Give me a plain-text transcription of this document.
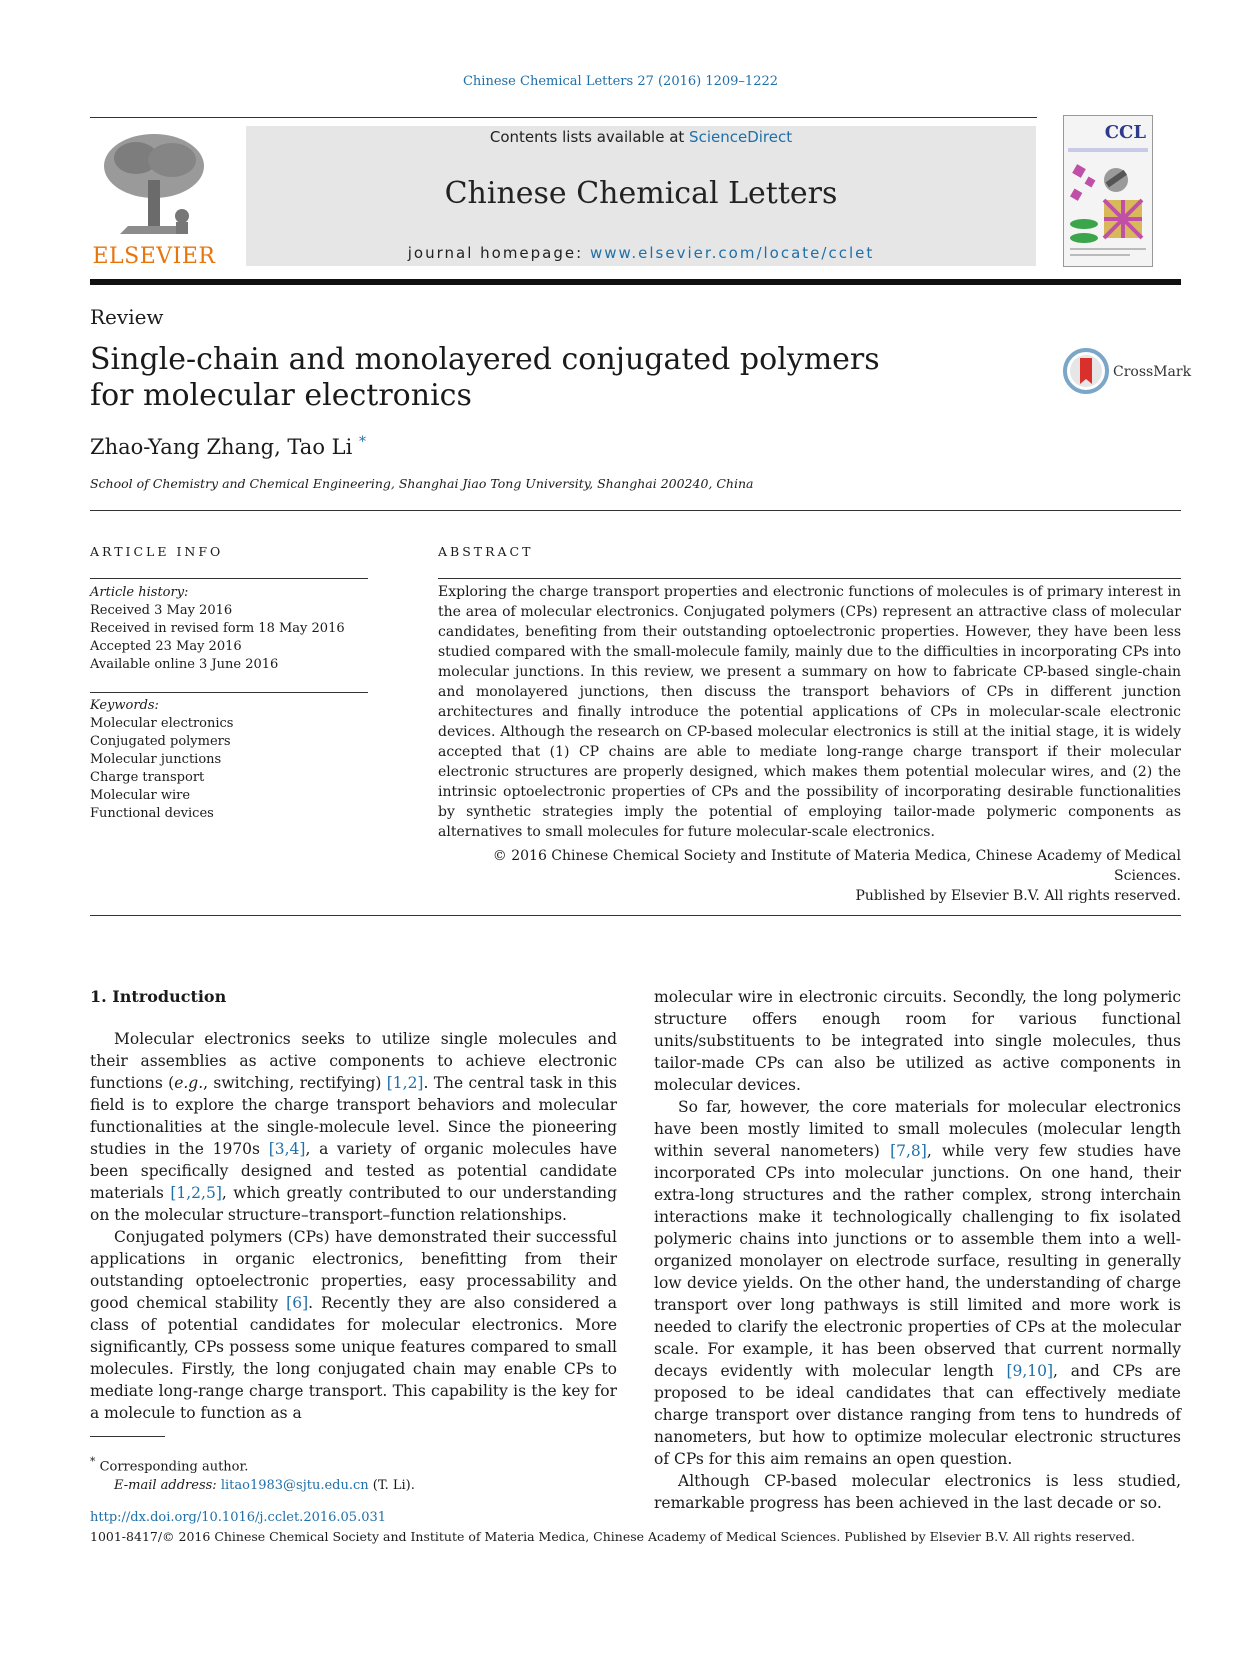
Chinese Chemical Letters 27 (2016) 1209–1222
ELSEVIER
Contents lists available at ScienceDirect
Chinese Chemical Letters
journal homepage: www.elsevier.com/locate/cclet
CCL
Review
Single-chain and monolayered conjugated polymers for molecular electronics
CrossMark
Zhao-Yang Zhang, Tao Li *
School of Chemistry and Chemical Engineering, Shanghai Jiao Tong University, Shanghai 200240, China
ARTICLE INFO	ABSTRACT
Article history:
Received 3 May 2016
Received in revised form 18 May 2016
Accepted 23 May 2016
Available online 3 June 2016
Keywords:
Molecular electronics
Conjugated polymers
Molecular junctions
Charge transport
Molecular wire
Functional devices
Exploring the charge transport properties and electronic functions of molecules is of primary interest in the area of molecular electronics. Conjugated polymers (CPs) represent an attractive class of molecular candidates, benefiting from their outstanding optoelectronic properties. However, they have been less studied compared with the small-molecule family, mainly due to the difficulties in incorporating CPs into molecular junctions. In this review, we present a summary on how to fabricate CP-based single-chain and monolayered junctions, then discuss the transport behaviors of CPs in different junction architectures and finally introduce the potential applications of CPs in molecular-scale electronic devices. Although the research on CP-based molecular electronics is still at the initial stage, it is widely accepted that (1) CP chains are able to mediate long-range charge transport if their molecular electronic structures are properly designed, which makes them potential molecular wires, and (2) the intrinsic optoelectronic properties of CPs and the possibility of incorporating desirable functionalities by synthetic strategies imply the potential of employing tailor-made polymeric components as alternatives to small molecules for future molecular-scale electronics.
© 2016 Chinese Chemical Society and Institute of Materia Medica, Chinese Academy of Medical Sciences.
Published by Elsevier B.V. All rights reserved.
1. Introduction

Molecular electronics seeks to utilize single molecules and their assemblies as active components to achieve electronic functions (e.g., switching, rectifying) [1,2]. The central task in this field is to explore the charge transport behaviors and molecular functionalities at the single-molecule level. Since the pioneering studies in the 1970s [3,4], a variety of organic molecules have been specifically designed and tested as potential candidate materials [1,2,5], which greatly contributed to our understanding on the molecular structure–transport–function relationships.

Conjugated polymers (CPs) have demonstrated their successful applications in organic electronics, benefitting from their outstanding optoelectronic properties, easy processability and good chemical stability [6]. Recently they are also considered a class of potential candidates for molecular electronics. More significantly, CPs possess some unique features compared to small molecules. Firstly, the long conjugated chain may enable CPs to mediate long-range charge transport. This capability is the key for a molecule to function as a

molecular wire in electronic circuits. Secondly, the long polymeric structure offers enough room for various functional units/substituents to be integrated into single molecules, thus tailor-made CPs can also be utilized as active components in molecular devices.

So far, however, the core materials for molecular electronics have been mostly limited to small molecules (molecular length within several nanometers) [7,8], while very few studies have incorporated CPs into molecular junctions. On one hand, their extra-long structures and the rather complex, strong interchain interactions make it technologically challenging to fix isolated polymeric chains into junctions or to assemble them into a well-organized monolayer on electrode surface, resulting in generally low device yields. On the other hand, the understanding of charge transport over long pathways is still limited and more work is needed to clarify the electronic properties of CPs at the molecular scale. For example, it has been observed that current normally decays evidently with molecular length [9,10], and CPs are proposed to be ideal candidates that can effectively mediate charge transport over distance ranging from tens to hundreds of nanometers, but how to optimize molecular electronic structures of CPs for this aim remains an open question.

Although CP-based molecular electronics is less studied, remarkable progress has been achieved in the last decade or so.

* Corresponding author.
E-mail address: litao1983@sjtu.edu.cn (T. Li).
http://dx.doi.org/10.1016/j.cclet.2016.05.031
1001-8417/© 2016 Chinese Chemical Society and Institute of Materia Medica, Chinese Academy of Medical Sciences. Published by Elsevier B.V. All rights reserved.
